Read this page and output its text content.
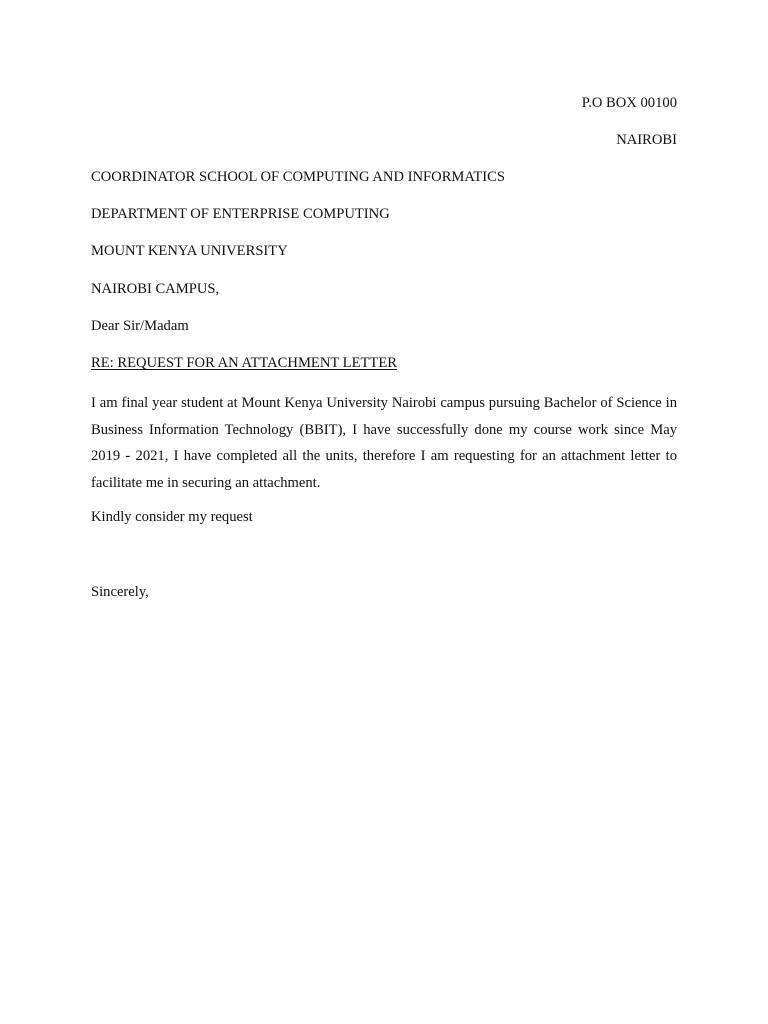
P.O BOX 00100
NAIROBI
COORDINATOR SCHOOL OF COMPUTING AND INFORMATICS
DEPARTMENT OF ENTERPRISE COMPUTING
MOUNT KENYA UNIVERSITY
NAIROBI CAMPUS,
Dear Sir/Madam
RE: REQUEST FOR AN ATTACHMENT LETTER
I am final year student at Mount Kenya University Nairobi campus pursuing Bachelor of Science in Business Information Technology (BBIT), I have successfully done my course work since May 2019 - 2021, I have completed all the units, therefore I am requesting for an attachment letter to facilitate me in securing an attachment.
Kindly consider my request
Sincerely,
